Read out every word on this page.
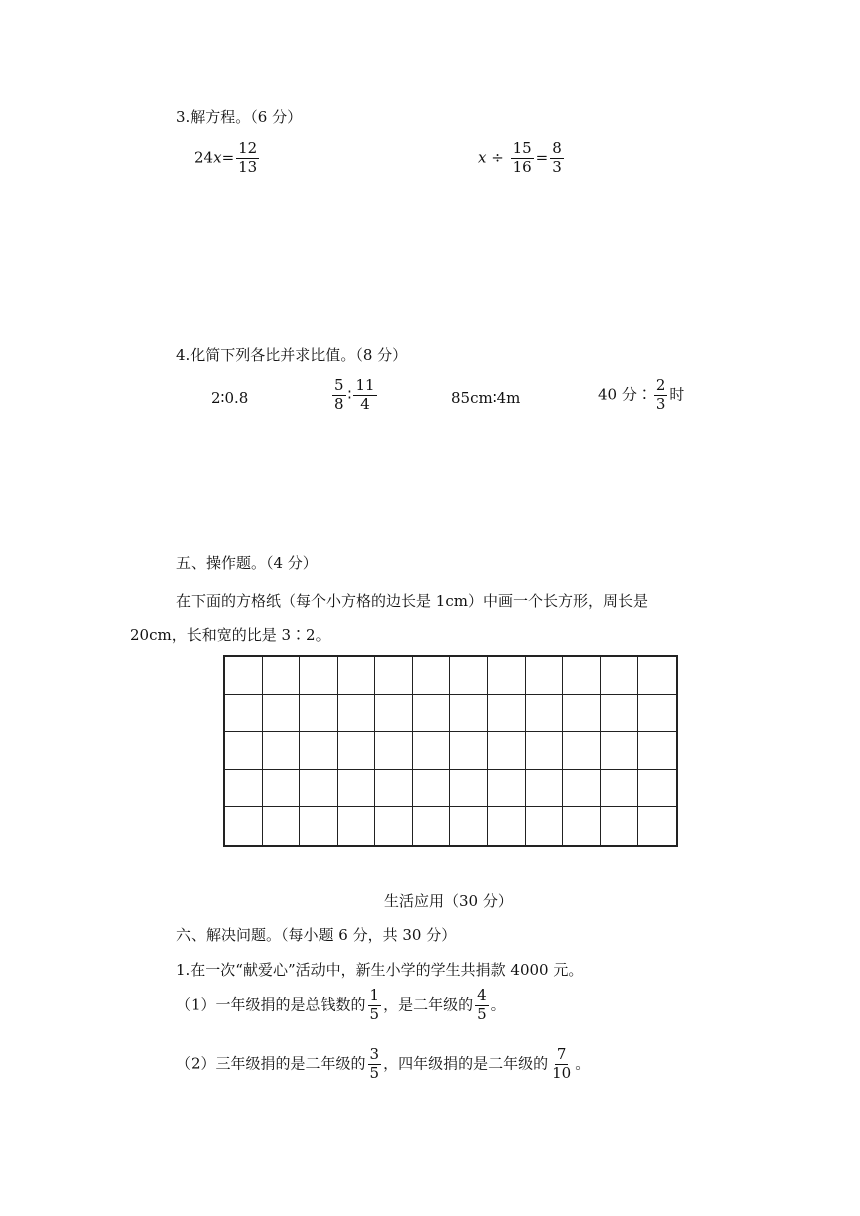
3.解方程。（6 分）
$24x= \frac{12}{13}$	$x \div \frac{15}{16} = \frac{8}{3}$
4.化简下列各比并求比值。（8 分）
2∶0.8	$\frac{5}{8}$ ∶ $\frac{11}{4}$	85cm∶4m	40 分∶ $\frac{2}{3}$ 时
五、操作题。（4 分）
在下面的方格纸（每个小方格的边长是 1cm）中画一个长方形，周长是
20cm，长和宽的比是 3∶2。
生活应用（30 分）
六、解决问题。（每小题 6 分，共 30 分）
1.在一次“献爱心”活动中，新生小学的学生共捐款 4000 元。
（1）一年级捐的是总钱数的 $\frac{1}{5}$ ，是二年级的 $\frac{4}{5}$ 。
（2）三年级捐的是二年级的 $\frac{3}{5}$ ，四年级捐的是二年级的 $\frac{7}{10}$ 。
